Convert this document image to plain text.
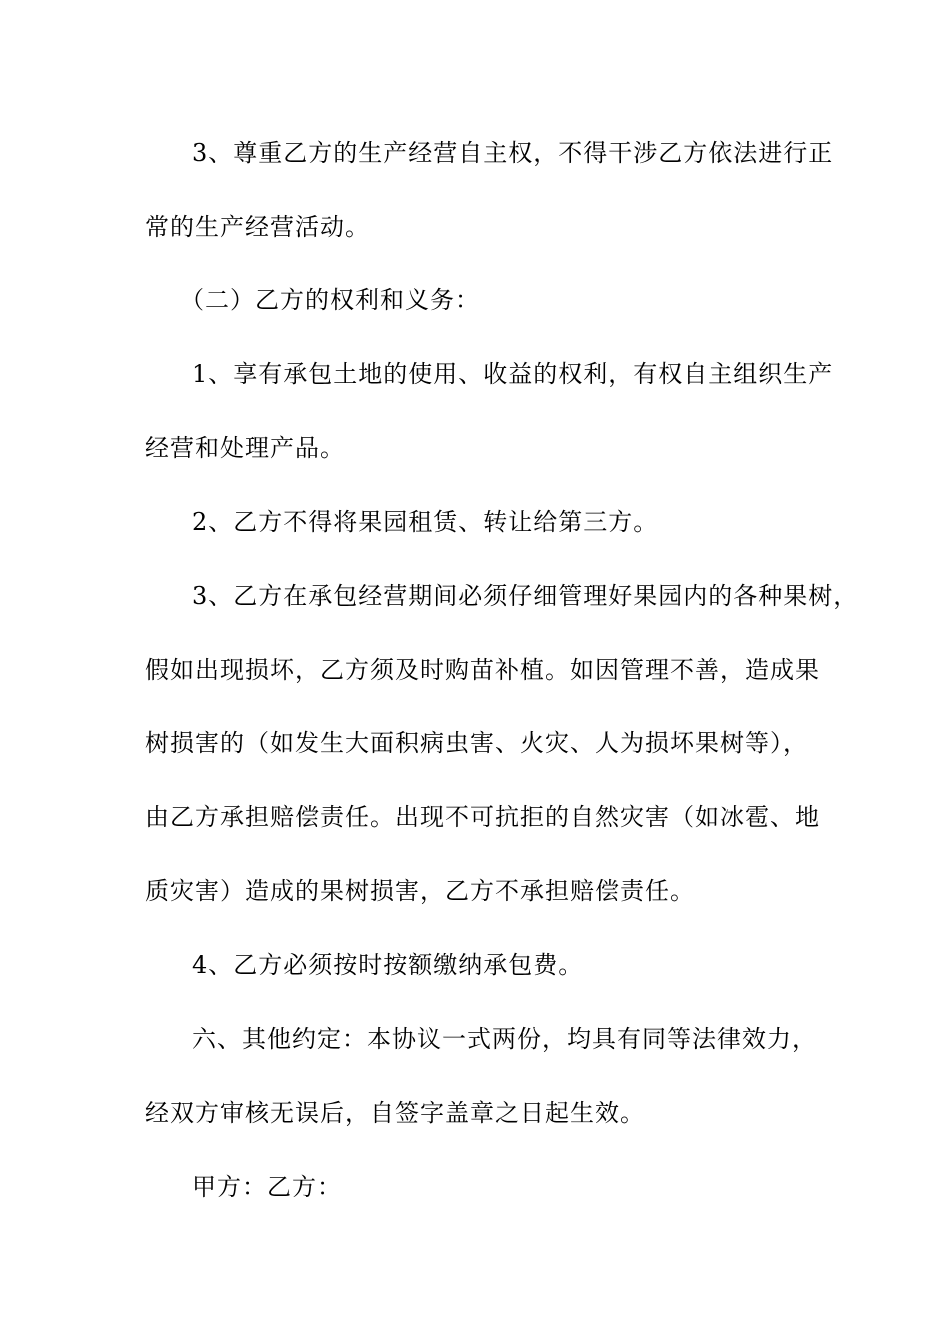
3、尊重乙方的生产经营自主权，不得干涉乙方依法进行正
常的生产经营活动。
（二）乙方的权利和义务：
1、享有承包土地的使用、收益的权利，有权自主组织生产
经营和处理产品。
2、乙方不得将果园租赁、转让给第三方。
3、乙方在承包经营期间必须仔细管理好果园内的各种果树，
假如出现损坏，乙方须及时购苗补植。如因管理不善，造成果
树损害的（如发生大面积病虫害、火灾、人为损坏果树等），
由乙方承担赔偿责任。出现不可抗拒的自然灾害（如冰雹、地
质灾害）造成的果树损害，乙方不承担赔偿责任。
4、乙方必须按时按额缴纳承包费。
六、其他约定：本协议一式两份，均具有同等法律效力，
经双方审核无误后，自签字盖章之日起生效。
甲方：乙方：
